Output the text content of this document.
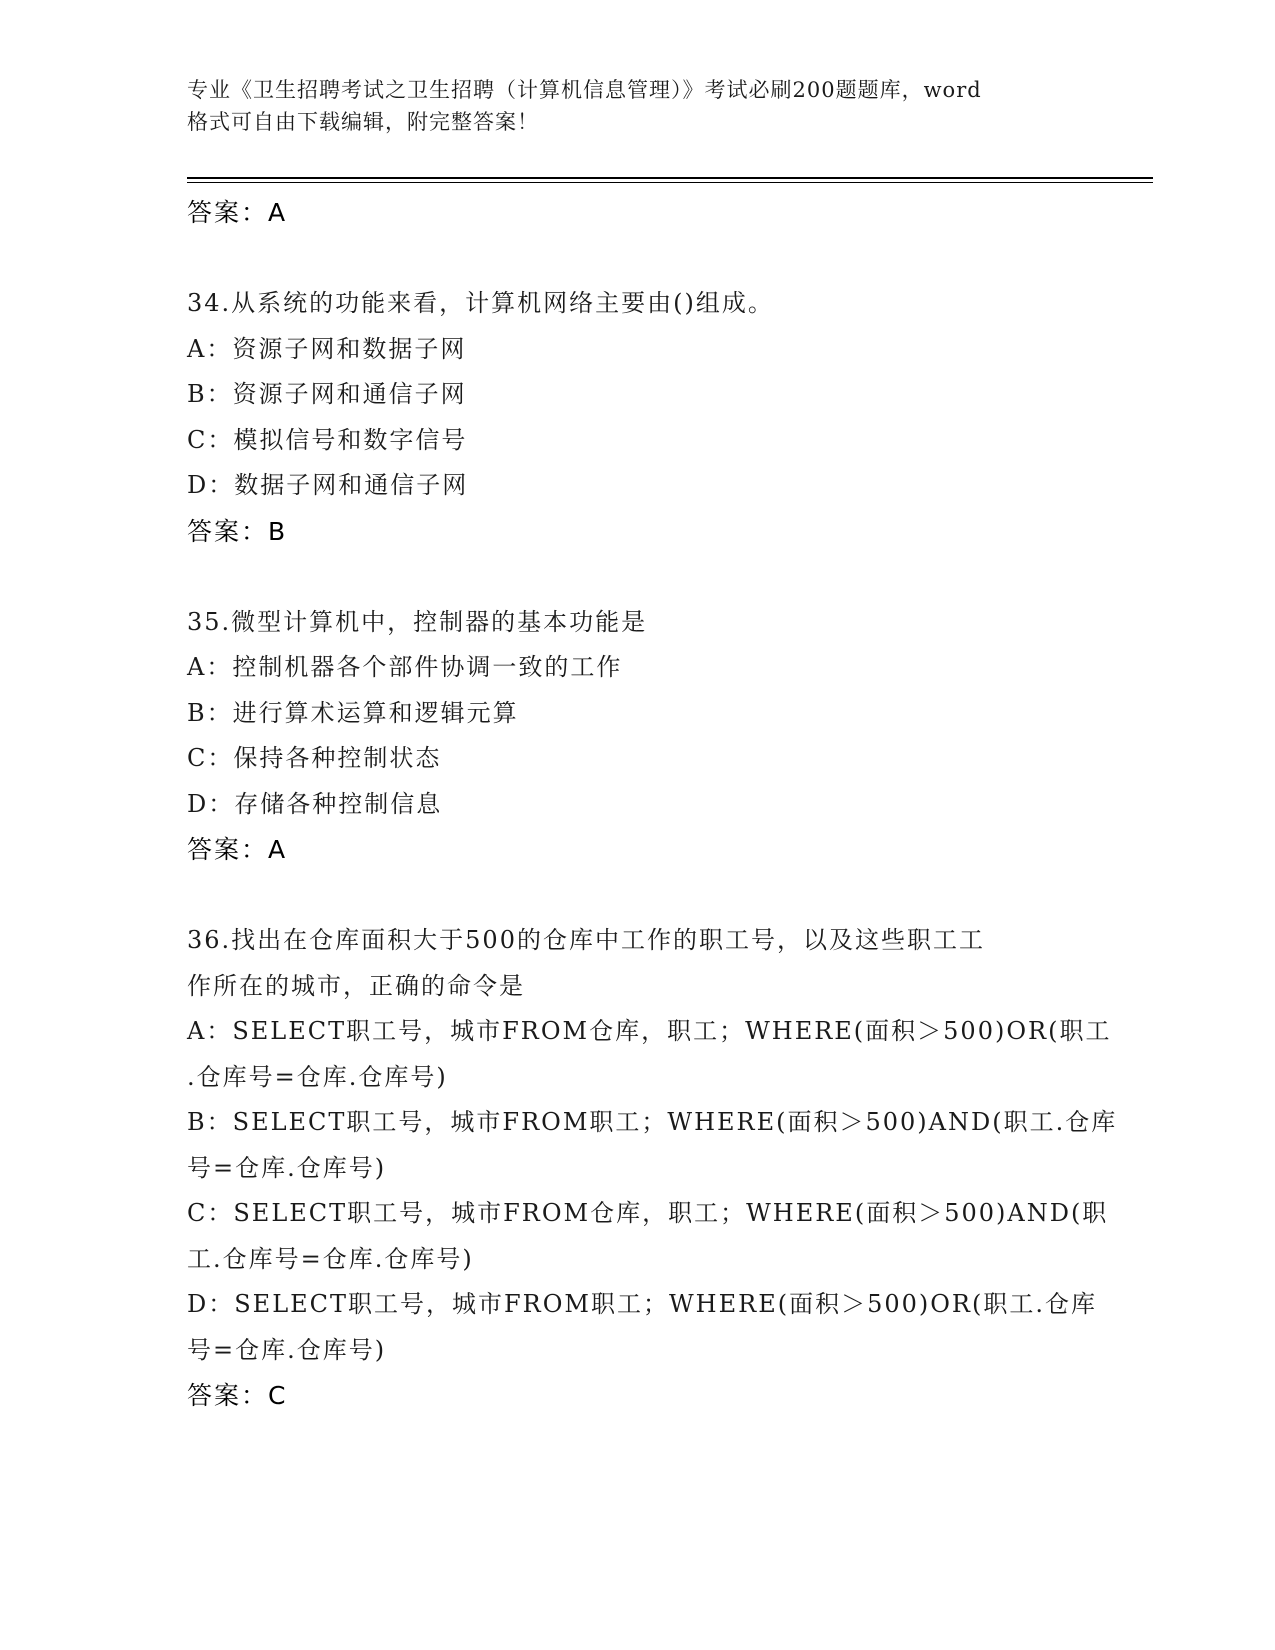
专业《卫生招聘考试之卫生招聘（计算机信息管理）》考试必刷200题题库，word
格式可自由下载编辑，附完整答案！
答案：A
34.从系统的功能来看，计算机网络主要由()组成。
A：资源子网和数据子网
B：资源子网和通信子网
C：模拟信号和数字信号
D：数据子网和通信子网
答案：B
35.微型计算机中，控制器的基本功能是
A：控制机器各个部件协调一致的工作
B：进行算术运算和逻辑元算
C：保持各种控制状态
D：存储各种控制信息
答案：A
36.找出在仓库面积大于500的仓库中工作的职工号，以及这些职工工
作所在的城市，正确的命令是
A：SELECT职工号，城市FROM仓库，职工；WHERE(面积＞500)OR(职工
.仓库号=仓库.仓库号)
B：SELECT职工号，城市FROM职工；WHERE(面积＞500)AND(职工.仓库
号=仓库.仓库号)
C：SELECT职工号，城市FROM仓库，职工；WHERE(面积＞500)AND(职
工.仓库号=仓库.仓库号)
D：SELECT职工号，城市FROM职工；WHERE(面积＞500)OR(职工.仓库
号=仓库.仓库号)
答案：C
